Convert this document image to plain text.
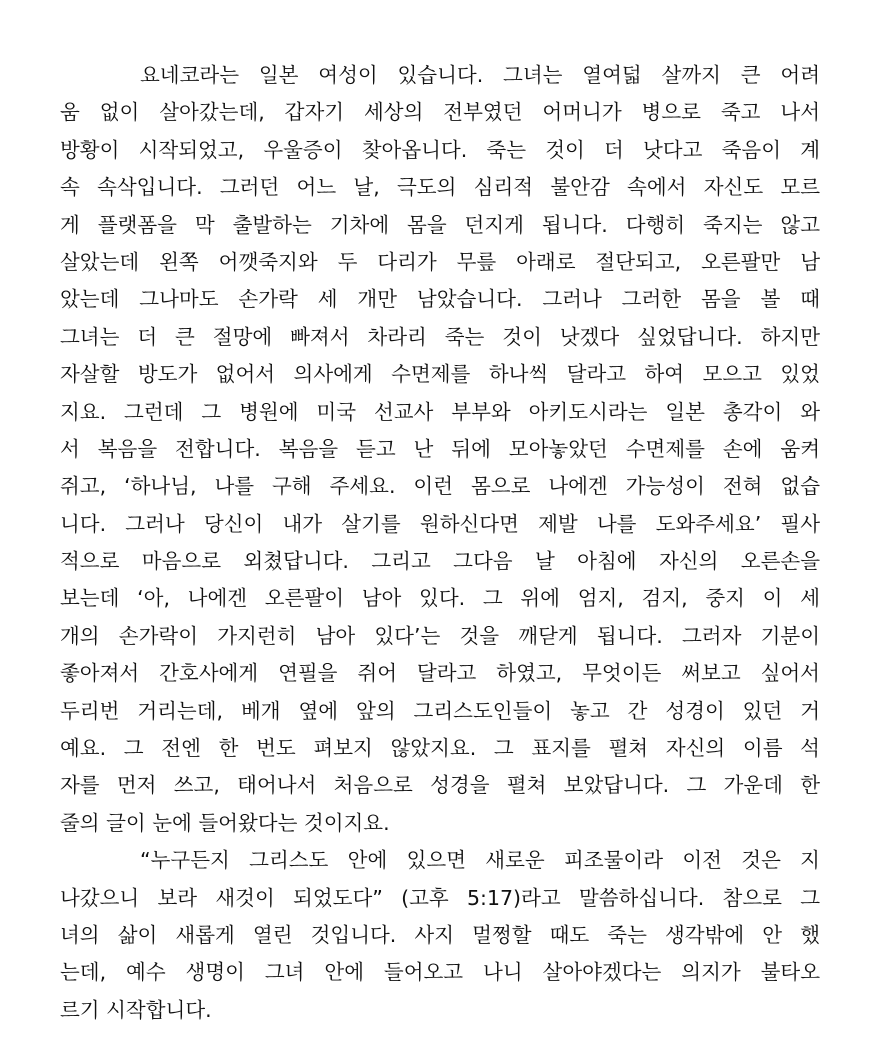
요네코라는 일본 여성이 있습니다. 그녀는 열여덟 살까지 큰 어려
움 없이 살아갔는데, 갑자기 세상의 전부였던 어머니가 병으로 죽고 나서
방황이 시작되었고, 우울증이 찾아옵니다. 죽는 것이 더 낫다고 죽음이 계
속 속삭입니다. 그러던 어느 날, 극도의 심리적 불안감 속에서 자신도 모르
게 플랫폼을 막 출발하는 기차에 몸을 던지게 됩니다. 다행히 죽지는 않고
살았는데 왼쪽 어깻죽지와 두 다리가 무릎 아래로 절단되고, 오른팔만 남
았는데 그나마도 손가락 세 개만 남았습니다. 그러나 그러한 몸을 볼 때
그녀는 더 큰 절망에 빠져서 차라리 죽는 것이 낫겠다 싶었답니다. 하지만
자살할 방도가 없어서 의사에게 수면제를 하나씩 달라고 하여 모으고 있었
지요. 그런데 그 병원에 미국 선교사 부부와 아키도시라는 일본 총각이 와
서 복음을 전합니다. 복음을 듣고 난 뒤에 모아놓았던 수면제를 손에 움켜
쥐고, ‘하나님, 나를 구해 주세요. 이런 몸으로 나에겐 가능성이 전혀 없습
니다. 그러나 당신이 내가 살기를 원하신다면 제발 나를 도와주세요’ 필사
적으로 마음으로 외쳤답니다. 그리고 그다음 날 아침에 자신의 오른손을
보는데 ‘아, 나에겐 오른팔이 남아 있다. 그 위에 엄지, 검지, 중지 이 세
개의 손가락이 가지런히 남아 있다’는 것을 깨닫게 됩니다. 그러자 기분이
좋아져서 간호사에게 연필을 쥐어 달라고 하였고, 무엇이든 써보고 싶어서
두리번 거리는데, 베개 옆에 앞의 그리스도인들이 놓고 간 성경이 있던 거
예요. 그 전엔 한 번도 펴보지 않았지요. 그 표지를 펼쳐 자신의 이름 석
자를 먼저 쓰고, 태어나서 처음으로 성경을 펼쳐 보았답니다. 그 가운데 한
줄의 글이 눈에 들어왔다는 것이지요.
“누구든지 그리스도 안에 있으면 새로운 피조물이라 이전 것은 지
나갔으니 보라 새것이 되었도다” (고후 5:17)라고 말씀하십니다. 참으로 그
녀의 삶이 새롭게 열린 것입니다. 사지 멀쩡할 때도 죽는 생각밖에 안 했
는데, 예수 생명이 그녀 안에 들어오고 나니 살아야겠다는 의지가 불타오
르기 시작합니다.
